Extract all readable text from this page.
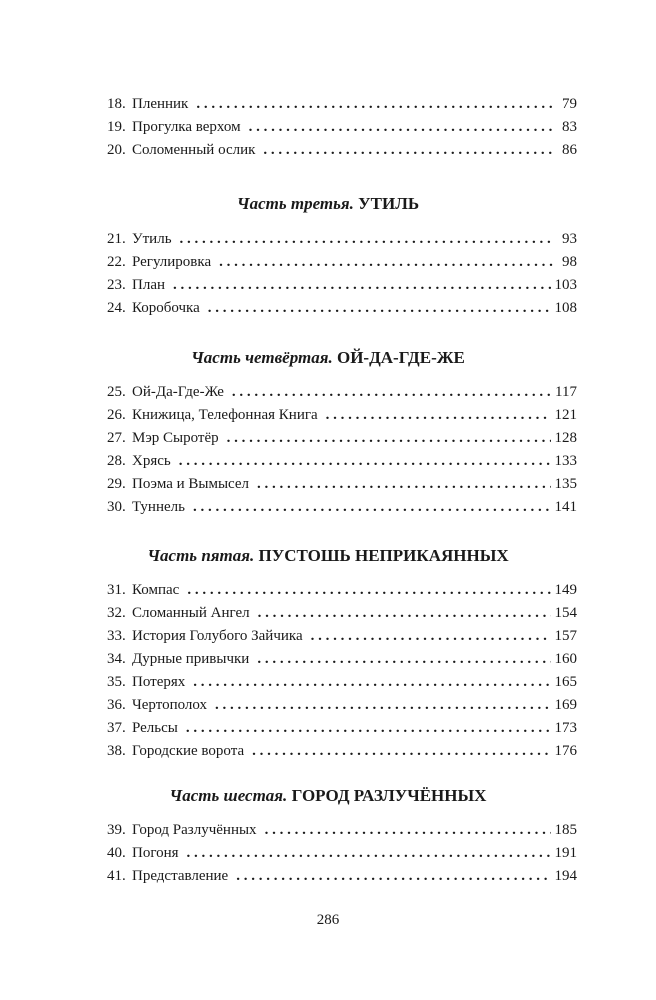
18. Пленник . . .	79
19. Прогулка верхом . . .	83
20. Соломенный ослик . . .	86
Часть третья. УТИЛЬ
21. Утиль . . .	93
22. Регулировка . . .	98
23. План . . .	103
24. Коробочка . . .	108
Часть четвёртая. ОЙ-ДА-ГДЕ-ЖЕ
25. Ой-Да-Где-Же . . .	117
26. Книжица, Телефонная Книга . . .	121
27. Мэр Сыротёр . . .	128
28. Хрясь . . .	133
29. Поэма и Вымысел . . .	135
30. Туннель . . .	141
Часть пятая. ПУСТОШЬ НЕПРИКАЯННЫХ
31. Компас . . .	149
32. Сломанный Ангел . . .	154
33. История Голубого Зайчика . . .	157
34. Дурные привычки . . .	160
35. Потерях . . .	165
36. Чертополох . . .	169
37. Рельсы . . .	173
38. Городские ворота . . .	176
Часть шестая. ГОРОД РАЗЛУЧЁННЫХ
39. Город Разлучённых . . .	185
40. Погоня . . .	191
41. Представление . . .	194
286
